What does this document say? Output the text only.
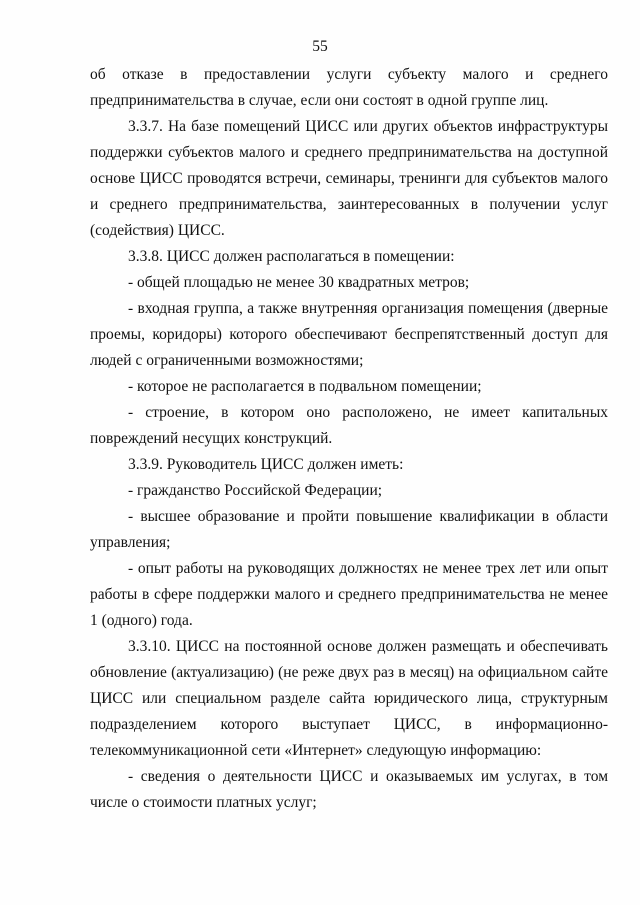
55

об отказе в предоставлении услуги субъекту малого и среднего предпринимательства в случае, если они состоят в одной группе лиц.

3.3.7. На базе помещений ЦИСС или других объектов инфраструктуры поддержки субъектов малого и среднего предпринимательства на доступной основе ЦИСС проводятся встречи, семинары, тренинги для субъектов малого и среднего предпринимательства, заинтересованных в получении услуг (содействия) ЦИСС.

3.3.8. ЦИСС должен располагаться в помещении:

- общей площадью не менее 30 квадратных метров;

- входная группа, а также внутренняя организация помещения (дверные проемы, коридоры) которого обеспечивают беспрепятственный доступ для людей с ограниченными возможностями;

- которое не располагается в подвальном помещении;

- строение, в котором оно расположено, не имеет капитальных повреждений несущих конструкций.

3.3.9. Руководитель ЦИСС должен иметь:

- гражданство Российской Федерации;

- высшее образование и пройти повышение квалификации в области управления;

- опыт работы на руководящих должностях не менее трех лет или опыт работы в сфере поддержки малого и среднего предпринимательства не менее 1 (одного) года.

3.3.10. ЦИСС на постоянной основе должен размещать и обеспечивать обновление (актуализацию) (не реже двух раз в месяц) на официальном сайте ЦИСС или специальном разделе сайта юридического лица, структурным подразделением которого выступает ЦИСС, в информационно-телекоммуникационной сети «Интернет» следующую информацию:

- сведения о деятельности ЦИСС и оказываемых им услугах, в том числе о стоимости платных услуг;
